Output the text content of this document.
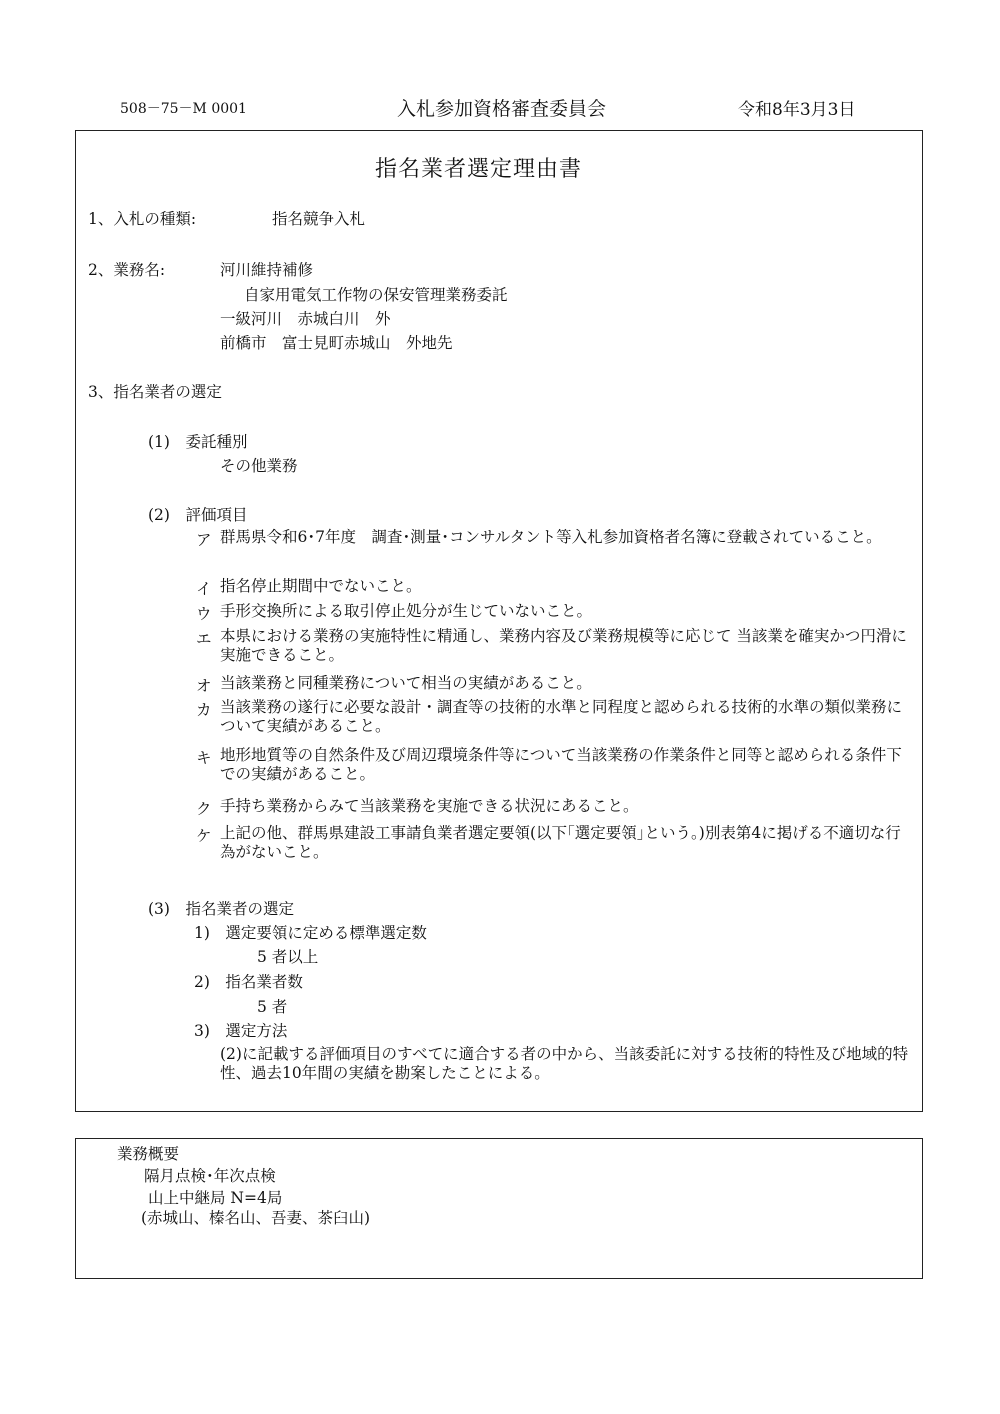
508－75－M 0001	入札参加資格審査委員会	令和8年3月3日
指名業者選定理由書
1、入札の種類:	指名競争入札
2、業務名:	河川維持補修
自家用電気工作物の保安管理業務委託
一級河川　赤城白川　外
前橋市　富士見町赤城山　外地先
3、指名業者の選定
(1)　委託種別
その他業務
(2)　評価項目
ア 群馬県令和6･7年度　調査･測量･コンサルタント等入札参加資格者名簿に登載されていること。
イ 指名停止期間中でないこと。
ウ 手形交換所による取引停止処分が生じていないこと。
エ 本県における業務の実施特性に精通し、業務内容及び業務規模等に応じて 当該業を確実かつ円滑に実施できること。
オ 当該業務と同種業務について相当の実績があること。
カ 当該業務の遂行に必要な設計・調査等の技術的水準と同程度と認められる技術的水準の類似業務について実績があること。
キ 地形地質等の自然条件及び周辺環境条件等について当該業務の作業条件と同等と認められる条件下での実績があること。
ク 手持ち業務からみて当該業務を実施できる状況にあること。
ケ 上記の他、群馬県建設工事請負業者選定要領(以下｢選定要領｣という。)別表第4に掲げる不適切な行為がないこと。
(3)　指名業者の選定
1)　選定要領に定める標準選定数
5 者以上
2)　指名業者数
5 者
3)　選定方法
(2)に記載する評価項目のすべてに適合する者の中から、当該委託に対する技術的特性及び地域的特性、過去10年間の実績を勘案したことによる。
業務概要
隔月点検･年次点検
山上中継局 N=4局
(赤城山、榛名山、吾妻、茶臼山)
